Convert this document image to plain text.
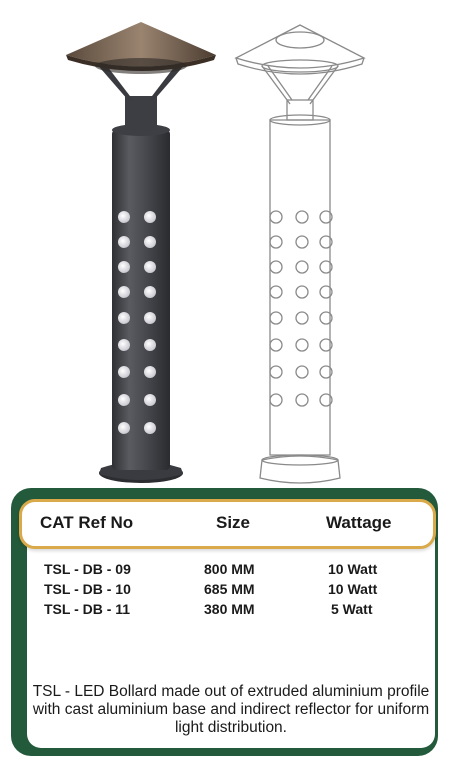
CAT Ref No	Size	Wattage
TSL - DB - 09	800 MM	10 Watt
TSL - DB - 10	685 MM	10 Watt
TSL - DB - 11	380 MM	5 Watt
TSL - LED Bollard made out of extruded aluminium profile with cast aluminium base and indirect reflector for uniform light distribution.
